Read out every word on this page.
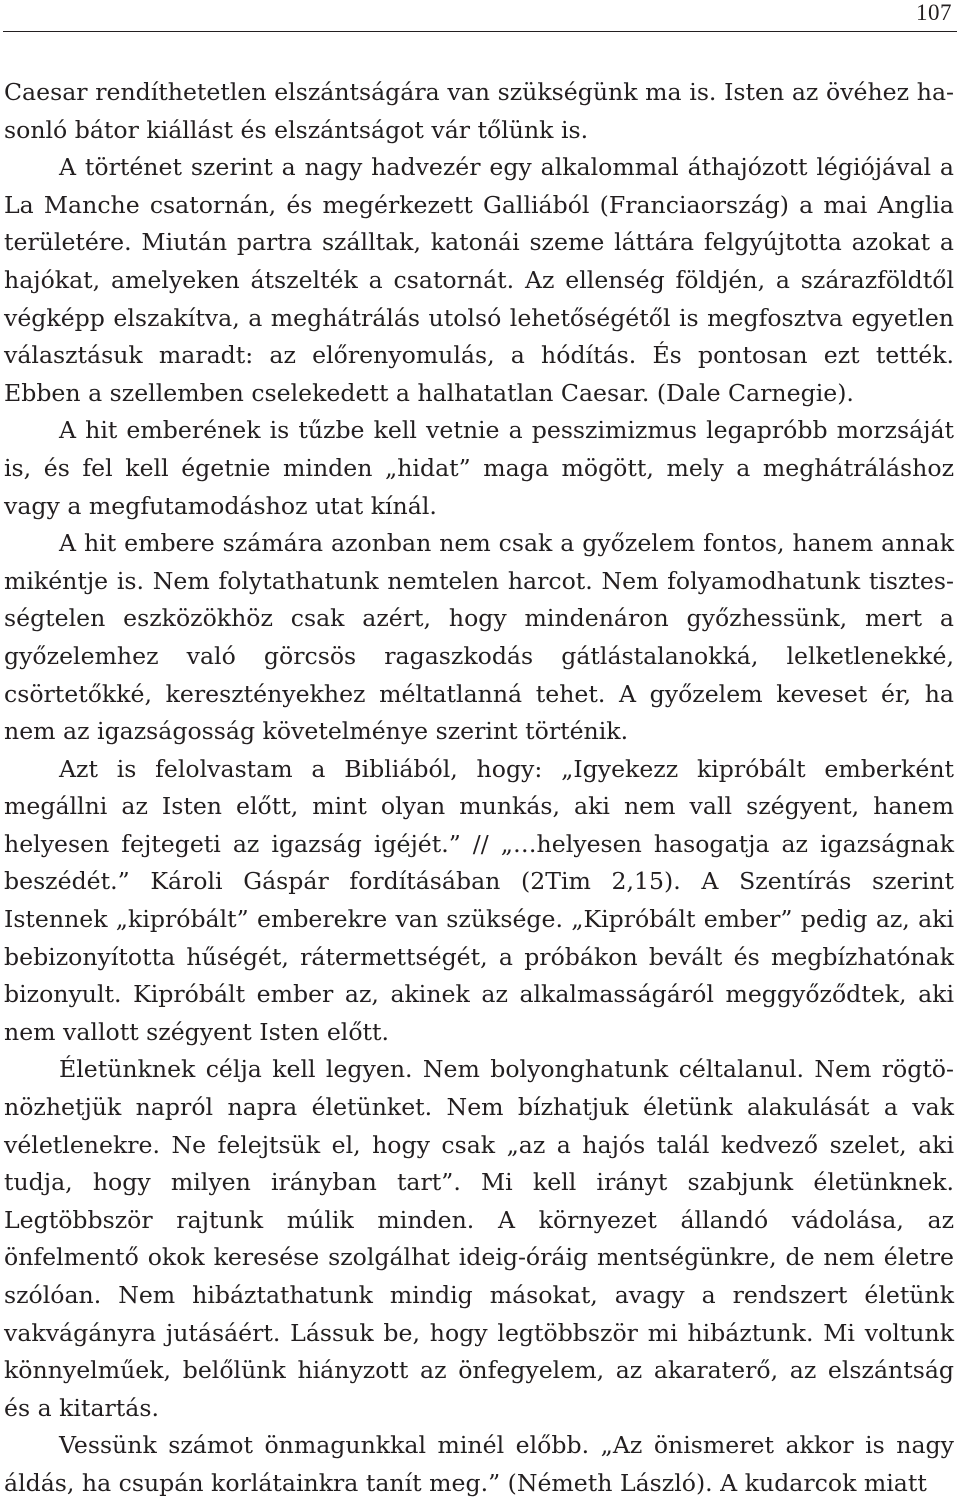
107

Caesar rendíthetetlen elszántságára van szükségünk ma is. Isten az övéhez hasonló bátor kiállást és elszántságot vár tőlünk is.

A történet szerint a nagy hadvezér egy alkalommal áthajózott légiójával a La Manche csatornán, és megérkezett Galliából (Franciaország) a mai Anglia területére. Miután partra szálltak, katonái szeme láttára felgyújtotta azokat a hajókat, amelyeken átszelték a csatornát. Az ellenség földjén, a szárazföldtől végképp elszakítva, a meghátrálás utolsó lehetőségétől is megfosztva egyetlen választásuk maradt: az előrenyomulás, a hódítás. És pontosan ezt tették. Ebben a szellemben cselekedett a halhatatlan Caesar. (Dale Carnegie).

A hit emberének is tűzbe kell vetnie a pesszimizmus legapróbb morzsáját is, és fel kell égetnie minden „hidat” maga mögött, mely a meghátráláshoz vagy a megfutamodáshoz utat kínál.

A hit embere számára azonban nem csak a győzelem fontos, hanem annak mikéntje is. Nem folytathatunk nemtelen harcot. Nem folyamodhatunk tisztességtelen eszközökhöz csak azért, hogy mindenáron győzhessünk, mert a győzelemhez való görcsös ragaszkodás gátlástalanokká, lelketlenekké, csörtetőkké, keresztényekhez méltatlanná tehet. A győzelem keveset ér, ha nem az igazságosság követelménye szerint történik.

Azt is felolvastam a Bibliából, hogy: „Igyekezz kipróbált emberként megállni az Isten előtt, mint olyan munkás, aki nem vall szégyent, hanem helyesen fejtegeti az igazság igéjét.” // „…helyesen hasogatja az igazságnak beszédét.” Károli Gáspár fordításában (2Tim 2,15). A Szentírás szerint Istennek „kipróbált” emberekre van szüksége. „Kipróbált ember” pedig az, aki bebizonyította hűségét, rátermettségét, a próbákon bevált és megbízhatónak bizonyult. Kipróbált ember az, akinek az alkalmasságáról meggyőződtek, aki nem vallott szégyent Isten előtt.

Életünknek célja kell legyen. Nem bolyonghatunk céltalanul. Nem rögtönözhetjük napról napra életünket. Nem bízhatjuk életünk alakulását a vak véletlenekre. Ne felejtsük el, hogy csak „az a hajós talál kedvező szelet, aki tudja, hogy milyen irányban tart”. Mi kell irányt szabjunk életünknek. Legtöbbször rajtunk múlik minden. A környezet állandó vádolása, az önfelmentő okok keresése szolgálhat ideig-óráig mentségünkre, de nem életre szólóan. Nem hibáztathatunk mindig másokat, avagy a rendszert életünk vakvágányra jutásáért. Lássuk be, hogy legtöbbször mi hibáztunk. Mi voltunk könnyelműek, belőlünk hiányzott az önfegyelem, az akaraterő, az elszántság és a kitartás.

Vessünk számot önmagunkkal minél előbb. „Az önismeret akkor is nagy áldás, ha csupán korlátainkra tanít meg.” (Németh László). A kudarcok miatt
